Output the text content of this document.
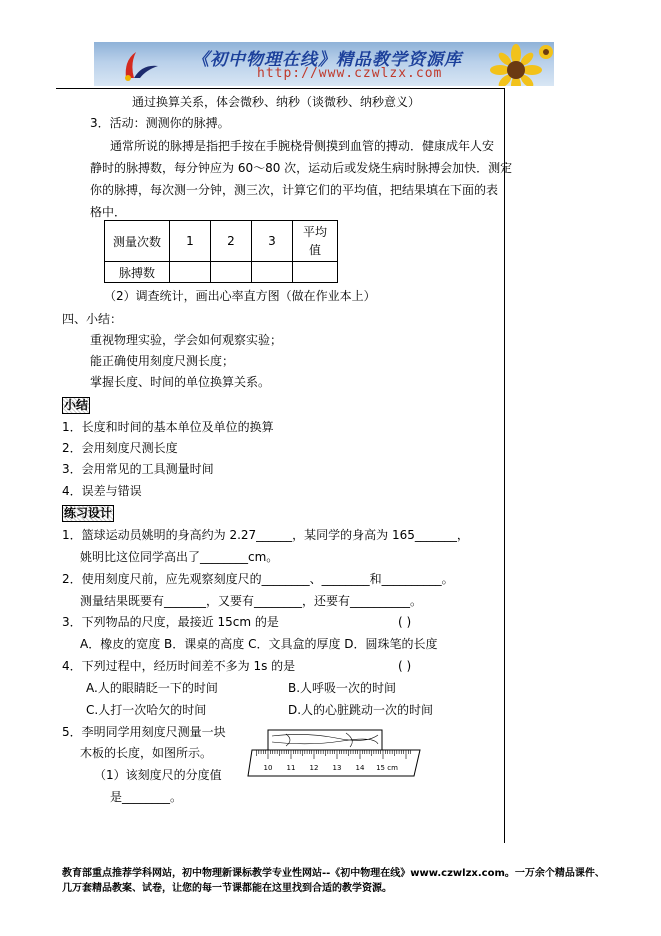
《初中物理在线》精品教学资源库
http://www.czwlzx.com
通过换算关系，体会微秒、纳秒（谈微秒、纳秒意义）
3．活动：测测你的脉搏。
通常所说的脉搏是指把手按在手腕桡骨侧摸到血管的搏动．健康成年人安
静时的脉搏数，每分钟应为 60～80 次，运动后或发烧生病时脉搏会加快．测定
你的脉搏，每次测一分钟，测三次，计算它们的平均值，把结果填在下面的表
格中．
测量次数	1	2	3	平均
值
脉搏数				
（2）调查统计，画出心率直方图（做在作业本上）
四、小结：
重视物理实验，学会如何观察实验；
能正确使用刻度尺测长度；
掌握长度、时间的单位换算关系。
小结
1．长度和时间的基本单位及单位的换算
2．会用刻度尺测长度
3．会用常见的工具测量时间
4．误差与错误
练习设计
1．篮球运动员姚明的身高约为 2.27______，某同学的身高为 165_______，
姚明比这位同学高出了________cm。
2．使用刻度尺前，应先观察刻度尺的________、________和__________。
测量结果既要有_______，又要有________，还要有__________。
3．下列物品的尺度，最接近 15cm 的是	( )
A．橡皮的宽度 B．课桌的高度 C．文具盒的厚度 D．圆珠笔的长度
4．下列过程中，经历时间差不多为 1s 的是	( )
A.人的眼睛眨一下的时间	B.人呼吸一次的时间
C.人打一次哈欠的时间	D.人的心脏跳动一次的时间
5．李明同学用刻度尺测量一块
木板的长度，如图所示。
（1）该刻度尺的分度值
是________。
10 11 12 13 14 15 cm
教育部重点推荐学科网站，初中物理新课标教学专业性网站--《初中物理在线》www.czwlzx.com。一万余个精品课件、
几万套精品教案、试卷，让您的每一节课都能在这里找到合适的教学资源。
